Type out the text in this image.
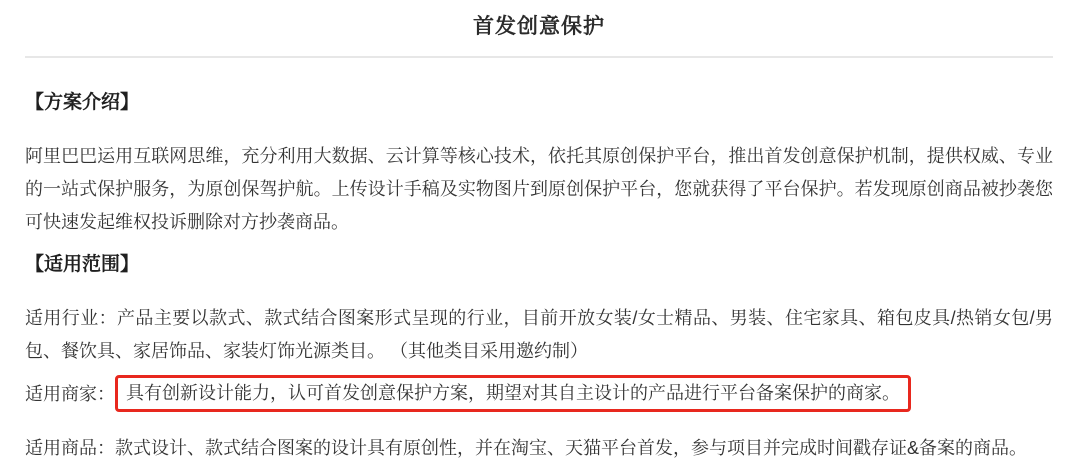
首发创意保护
【方案介绍】

阿里巴巴运用互联网思维，充分利用大数据、云计算等核心技术，依托其原创保护平台，推出首发创意保护机制，提供权威、专业的一站式保护服务，为原创保驾护航。上传设计手稿及实物图片到原创保护平台，您就获得了平台保护。若发现原创商品被抄袭您可快速发起维权投诉删除对方抄袭商品。

【适用范围】

适用行业：产品主要以款式、款式结合图案形式呈现的行业，目前开放女装/女士精品、男装、住宅家具、箱包皮具/热销女包/男包、餐饮具、家居饰品、家装灯饰光源类目。 （其他类目采用邀约制）

适用商家： 具有创新设计能力，认可首发创意保护方案，期望对其自主设计的产品进行平台备案保护的商家。

适用商品：款式设计、款式结合图案的设计具有原创性，并在淘宝、天猫平台首发，参与项目并完成时间戳存证&备案的商品。
